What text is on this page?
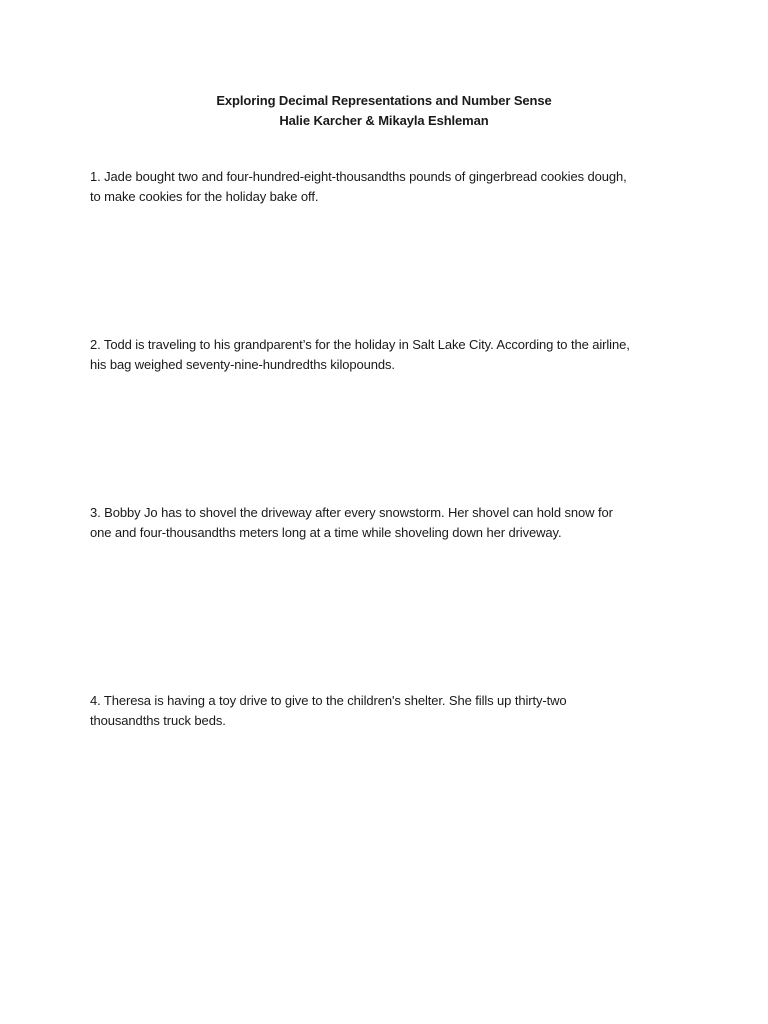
Exploring Decimal Representations and Number Sense
Halie Karcher & Mikayla Eshleman
1. Jade bought two and four-hundred-eight-thousandths pounds of gingerbread cookies dough,
to make cookies for the holiday bake off.
2. Todd is traveling to his grandparent’s for the holiday in Salt Lake City. According to the airline,
his bag weighed seventy-nine-hundredths kilopounds.
3. Bobby Jo has to shovel the driveway after every snowstorm. Her shovel can hold snow for
one and four-thousandths meters long at a time while shoveling down her driveway.
4. Theresa is having a toy drive to give to the children's shelter. She fills up thirty-two
thousandths truck beds.
